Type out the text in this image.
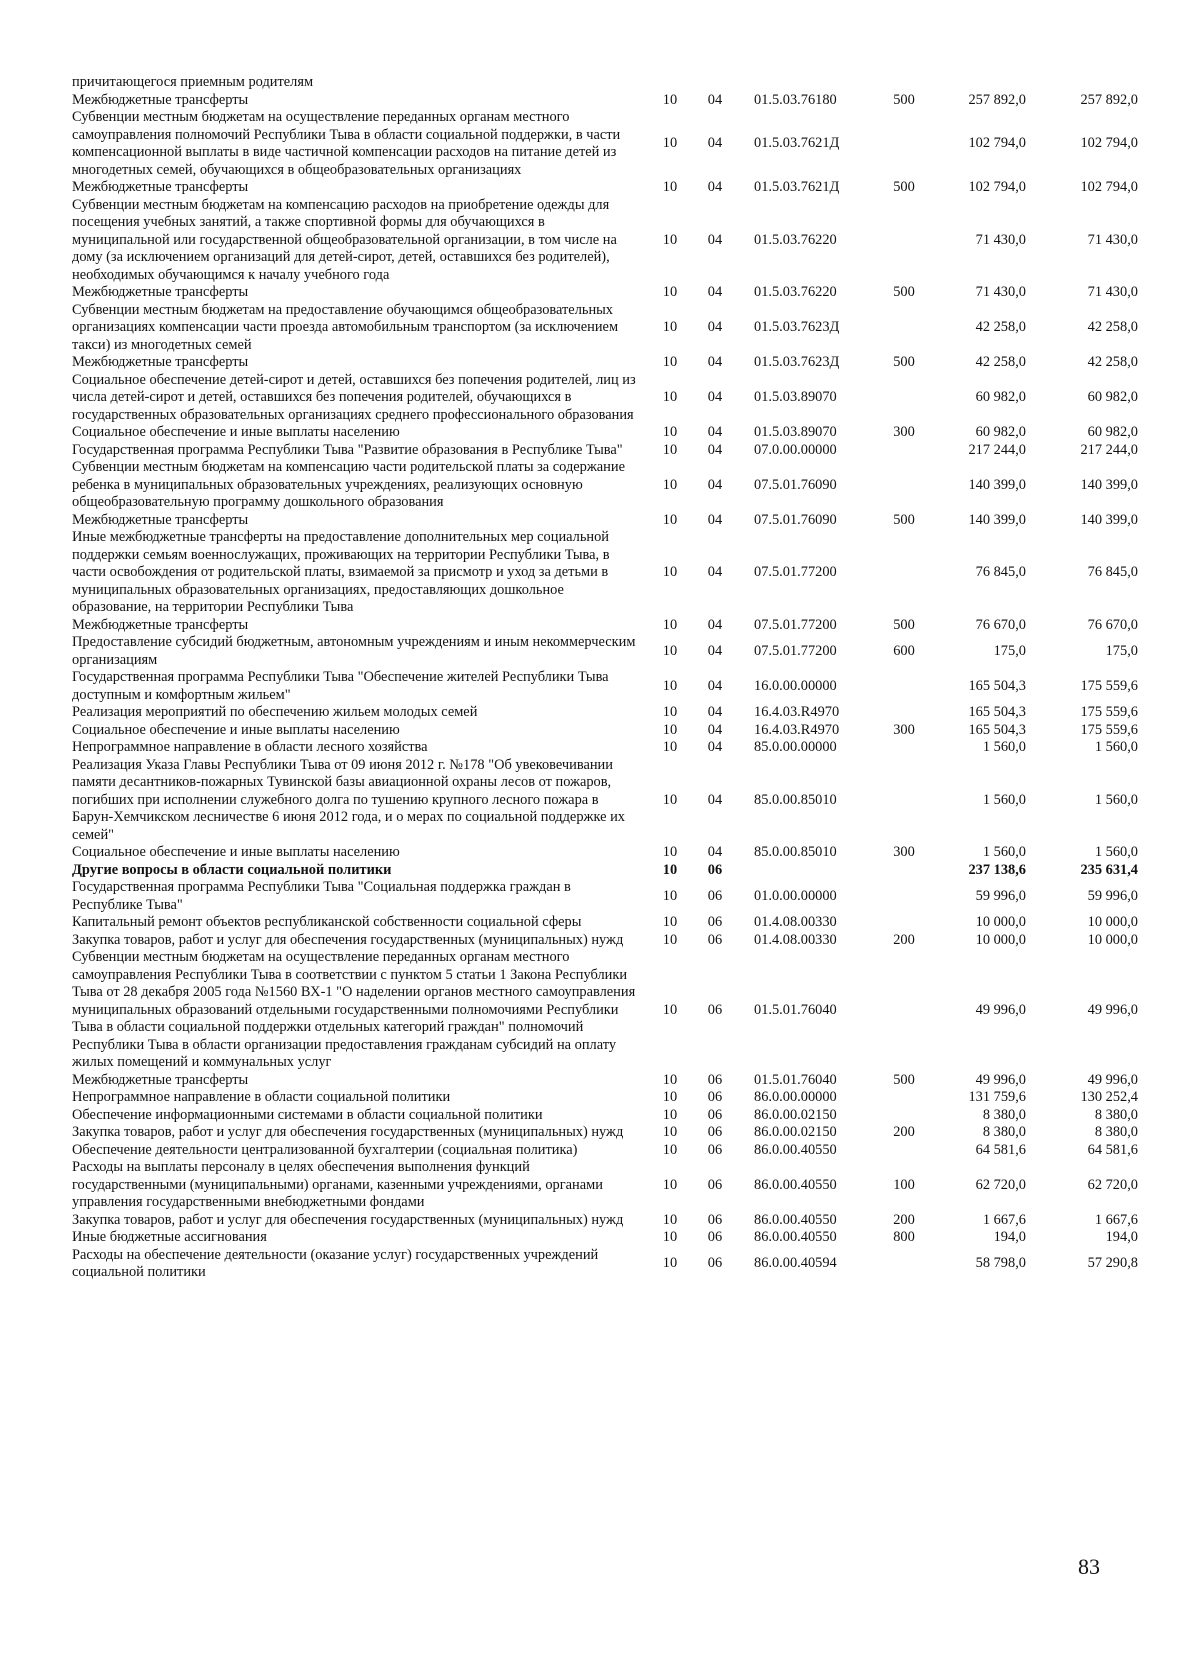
причитающегося приемным родителям						
Межбюджетные трансферты	10	04	01.5.03.76180	500	257 892,0	257 892,0
Субвенции местным бюджетам на осуществление переданных органам местного самоуправления полномочий Республики Тыва в области социальной поддержки, в части компенсационной выплаты в виде частичной компенсации расходов на питание детей из многодетных семей, обучающихся в общеобразовательных организациях	10	04	01.5.03.7621Д		102 794,0	102 794,0
Межбюджетные трансферты	10	04	01.5.03.7621Д	500	102 794,0	102 794,0
Субвенции местным бюджетам на компенсацию расходов на приобретение одежды для посещения учебных занятий, а также спортивной формы для обучающихся в муниципальной или государственной общеобразовательной организации, в том числе на дому (за исключением организаций для детей-сирот, детей, оставшихся без родителей), необходимых обучающимся к началу учебного года	10	04	01.5.03.76220		71 430,0	71 430,0
Межбюджетные трансферты	10	04	01.5.03.76220	500	71 430,0	71 430,0
Субвенции местным бюджетам на предоставление обучающимся общеобразовательных организациях компенсации части проезда автомобильным транспортом (за исключением такси) из многодетных семей	10	04	01.5.03.7623Д		42 258,0	42 258,0
Межбюджетные трансферты	10	04	01.5.03.7623Д	500	42 258,0	42 258,0
Социальное обеспечение детей-сирот и детей, оставшихся без попечения родителей, лиц из числа детей-сирот и детей, оставшихся без попечения родителей, обучающихся в государственных образовательных организациях среднего профессионального образования	10	04	01.5.03.89070		60 982,0	60 982,0
Социальное обеспечение и иные выплаты населению	10	04	01.5.03.89070	300	60 982,0	60 982,0
Государственная программа Республики Тыва "Развитие образования в Республике Тыва"	10	04	07.0.00.00000		217 244,0	217 244,0
Субвенции местным бюджетам на компенсацию части родительской платы за содержание ребенка в муниципальных образовательных учреждениях, реализующих основную общеобразовательную программу дошкольного образования	10	04	07.5.01.76090		140 399,0	140 399,0
Межбюджетные трансферты	10	04	07.5.01.76090	500	140 399,0	140 399,0
Иные межбюджетные трансферты на предоставление дополнительных мер социальной поддержки семьям военнослужащих, проживающих на территории Республики Тыва, в части освобождения от родительской платы, взимаемой за присмотр и уход за детьми в муниципальных образовательных организациях, предоставляющих дошкольное образование, на территории Республики Тыва	10	04	07.5.01.77200		76 845,0	76 845,0
Межбюджетные трансферты	10	04	07.5.01.77200	500	76 670,0	76 670,0
Предоставление субсидий бюджетным, автономным учреждениям и иным некоммерческим организациям	10	04	07.5.01.77200	600	175,0	175,0
Государственная программа Республики Тыва "Обеспечение жителей Республики Тыва доступным и комфортным жильем"	10	04	16.0.00.00000		165 504,3	175 559,6
Реализация мероприятий по обеспечению жильем молодых семей	10	04	16.4.03.R4970		165 504,3	175 559,6
Социальное обеспечение и иные выплаты населению	10	04	16.4.03.R4970	300	165 504,3	175 559,6
Непрограммное направление в области лесного хозяйства	10	04	85.0.00.00000		1 560,0	1 560,0
Реализация Указа Главы Республики Тыва от 09 июня 2012 г. №178 "Об увековечивании памяти десантников-пожарных Тувинской базы авиационной охраны лесов от пожаров, погибших при исполнении служебного долга по тушению крупного лесного пожара в Барун-Хемчикском лесничестве 6 июня 2012 года, и о мерах по социальной поддержке их семей"	10	04	85.0.00.85010		1 560,0	1 560,0
Социальное обеспечение и иные выплаты населению	10	04	85.0.00.85010	300	1 560,0	1 560,0
Другие вопросы в области социальной политики	10	06			237 138,6	235 631,4
Государственная программа Республики Тыва "Социальная поддержка граждан в Республике Тыва"	10	06	01.0.00.00000		59 996,0	59 996,0
Капитальный ремонт объектов республиканской собственности социальной сферы	10	06	01.4.08.00330		10 000,0	10 000,0
Закупка товаров, работ и услуг для обеспечения государственных (муниципальных) нужд	10	06	01.4.08.00330	200	10 000,0	10 000,0
Субвенции местным бюджетам на осуществление переданных органам местного самоуправления Республики Тыва в соответствии с пунктом 5 статьи 1 Закона Республики Тыва от 28 декабря 2005 года №1560 ВХ-1 "О наделении органов местного самоуправления муниципальных образований отдельными государственными полномочиями Республики Тыва в области социальной поддержки отдельных категорий граждан" полномочий Республики Тыва в области организации предоставления гражданам субсидий на оплату жилых помещений и коммунальных услуг	10	06	01.5.01.76040		49 996,0	49 996,0
Межбюджетные трансферты	10	06	01.5.01.76040	500	49 996,0	49 996,0
Непрограммное направление в области социальной политики	10	06	86.0.00.00000		131 759,6	130 252,4
Обеспечение информационными системами в области социальной политики	10	06	86.0.00.02150		8 380,0	8 380,0
Закупка товаров, работ и услуг для обеспечения государственных (муниципальных) нужд	10	06	86.0.00.02150	200	8 380,0	8 380,0
Обеспечение деятельности централизованной бухгалтерии (социальная политика)	10	06	86.0.00.40550		64 581,6	64 581,6
Расходы на выплаты персоналу в целях обеспечения выполнения функций государственными (муниципальными) органами, казенными учреждениями, органами управления государственными внебюджетными фондами	10	06	86.0.00.40550	100	62 720,0	62 720,0
Закупка товаров, работ и услуг для обеспечения государственных (муниципальных) нужд	10	06	86.0.00.40550	200	1 667,6	1 667,6
Иные бюджетные ассигнования	10	06	86.0.00.40550	800	194,0	194,0
Расходы на обеспечение деятельности (оказание услуг) государственных учреждений социальной политики	10	06	86.0.00.40594		58 798,0	57 290,8
83
